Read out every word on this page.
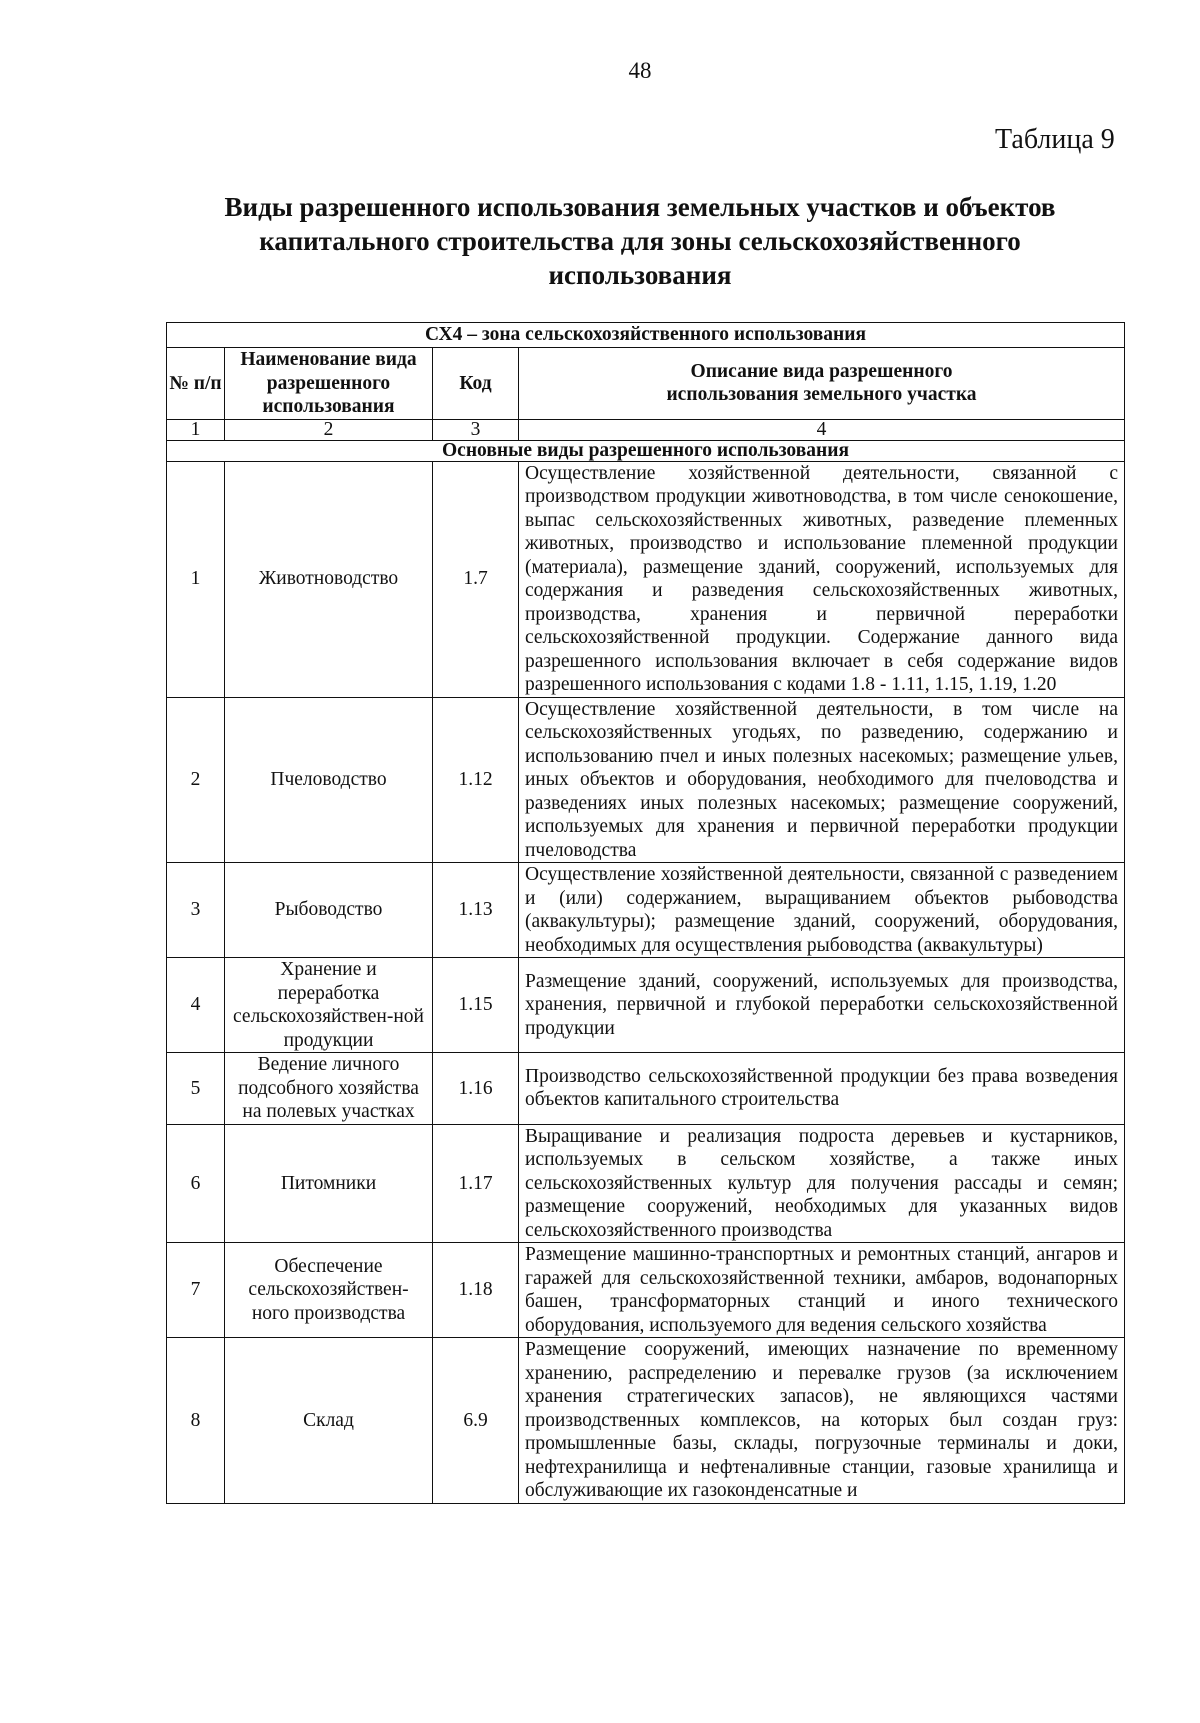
48
Таблица 9
Виды разрешенного использования земельных участков и объектов
капитального строительства для зоны сельскохозяйственного
использования
СХ4 – зона сельскохозяйственного использования			
№ п/п	Наименование вида разрешенного использования	Код	Описание вида разрешенного использования земельного участка
1	2	3	4
Основные виды разрешенного использования			
1	Животноводство	1.7	Осуществление хозяйственной деятельности, связанной с производством продукции животноводства, в том числе сенокошение, выпас сельскохозяйственных животных, разведение племенных животных, производство и использование племенной продукции (материала), размещение зданий, сооружений, используемых для содержания и разведения сельскохозяйственных животных, производства, хранения и первичной переработки сельскохозяйственной продукции. Содержание данного вида разрешенного использования включает в себя содержание видов разрешенного использования с кодами 1.8 - 1.11, 1.15, 1.19, 1.20
2	Пчеловодство	1.12	Осуществление хозяйственной деятельности, в том числе на сельскохозяйственных угодьях, по разведению, содержанию и использованию пчел и иных полезных насекомых; размещение ульев, иных объектов и оборудования, необходимого для пчеловодства и разведениях иных полезных насекомых; размещение сооружений, используемых для хранения и первичной переработки продукции пчеловодства
3	Рыбоводство	1.13	Осуществление хозяйственной деятельности, связанной с разведением и (или) содержанием, выращиванием объектов рыбоводства (аквакультуры); размещение зданий, сооружений, оборудования, необходимых для осуществления рыбоводства (аквакультуры)
4	Хранение и переработка сельскохозяйствен-ной продукции	1.15	Размещение зданий, сооружений, используемых для производства, хранения, первичной и глубокой переработки сельскохозяйственной продукции
5	Ведение личного подсобного хозяйства на полевых участках	1.16	Производство сельскохозяйственной продукции без права возведения объектов капитального строительства
6	Питомники	1.17	Выращивание и реализация подроста деревьев и кустарников, используемых в сельском хозяйстве, а также иных сельскохозяйственных культур для получения рассады и семян; размещение сооружений, необходимых для указанных видов сельскохозяйственного производства
7	Обеспечение сельскохозяйствен-ного производства	1.18	Размещение машинно-транспортных и ремонтных станций, ангаров и гаражей для сельскохозяйственной техники, амбаров, водонапорных башен, трансформаторных станций и иного технического оборудования, используемого для ведения сельского хозяйства
8	Склад	6.9	Размещение сооружений, имеющих назначение по временному хранению, распределению и перевалке грузов (за исключением хранения стратегических запасов), не являющихся частями производственных комплексов, на которых был создан груз: промышленные базы, склады, погрузочные терминалы и доки, нефтехранилища и нефтеналивные станции, газовые хранилища и обслуживающие их газоконденсатные и
